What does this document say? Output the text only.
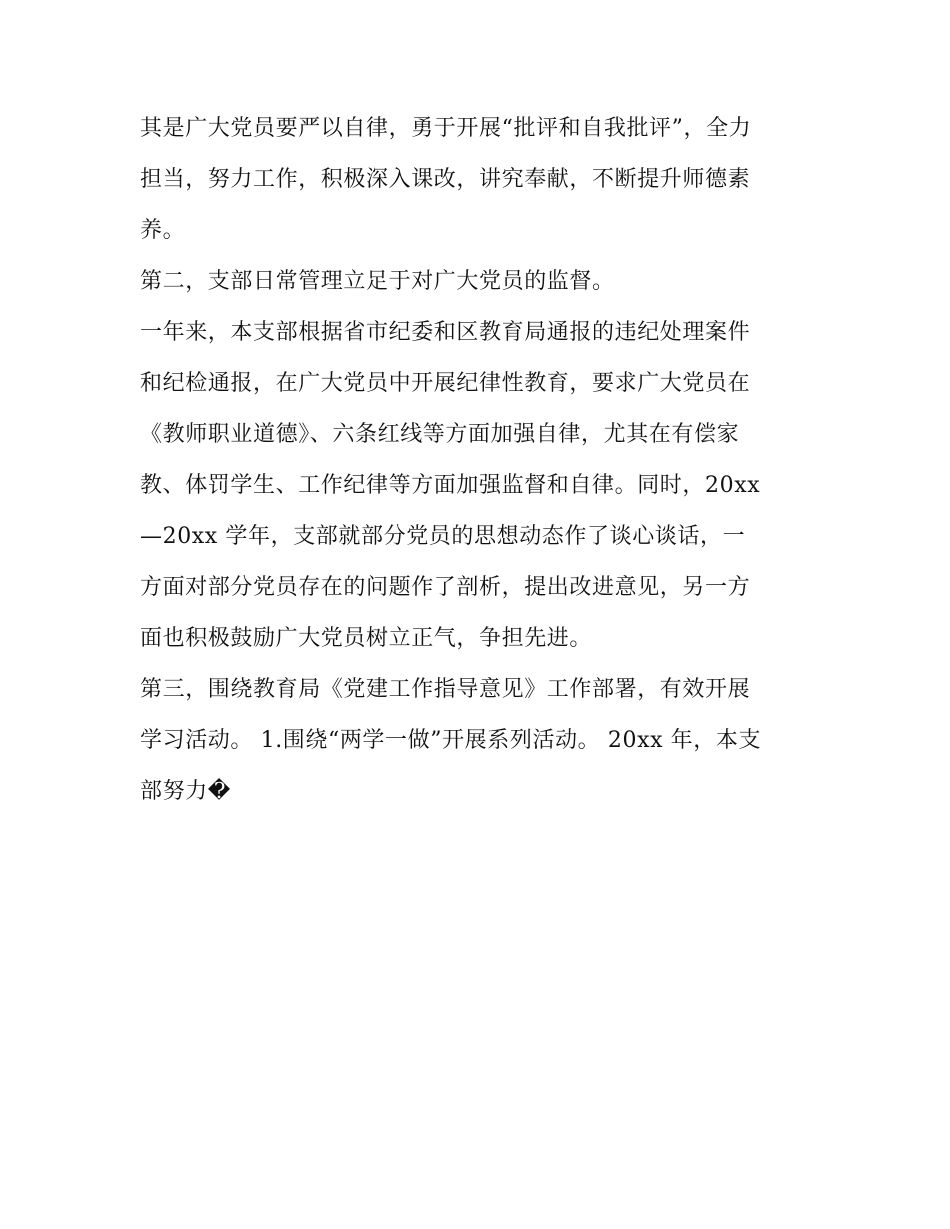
其是广大党员要严以自律，勇于开展“批评和自我批评”，全力
担当，努力工作，积极深入课改，讲究奉献，不断提升师德素
养。
第二，支部日常管理立足于对广大党员的监督。
一年来，本支部根据省市纪委和区教育局通报的违纪处理案件
和纪检通报，在广大党员中开展纪律性教育，要求广大党员在
《教师职业道德》、六条红线等方面加强自律，尤其在有偿家
教、体罚学生、工作纪律等方面加强监督和自律。同时，20xx
—20xx 学年，支部就部分党员的思想动态作了谈心谈话，一
方面对部分党员存在的问题作了剖析，提出改进意见，另一方
面也积极鼓励广大党员树立正气，争担先进。
第三，围绕教育局《党建工作指导意见》工作部署，有效开展
学习活动。 1.围绕“两学一做”开展系列活动。 20xx 年，本支
部努力�
